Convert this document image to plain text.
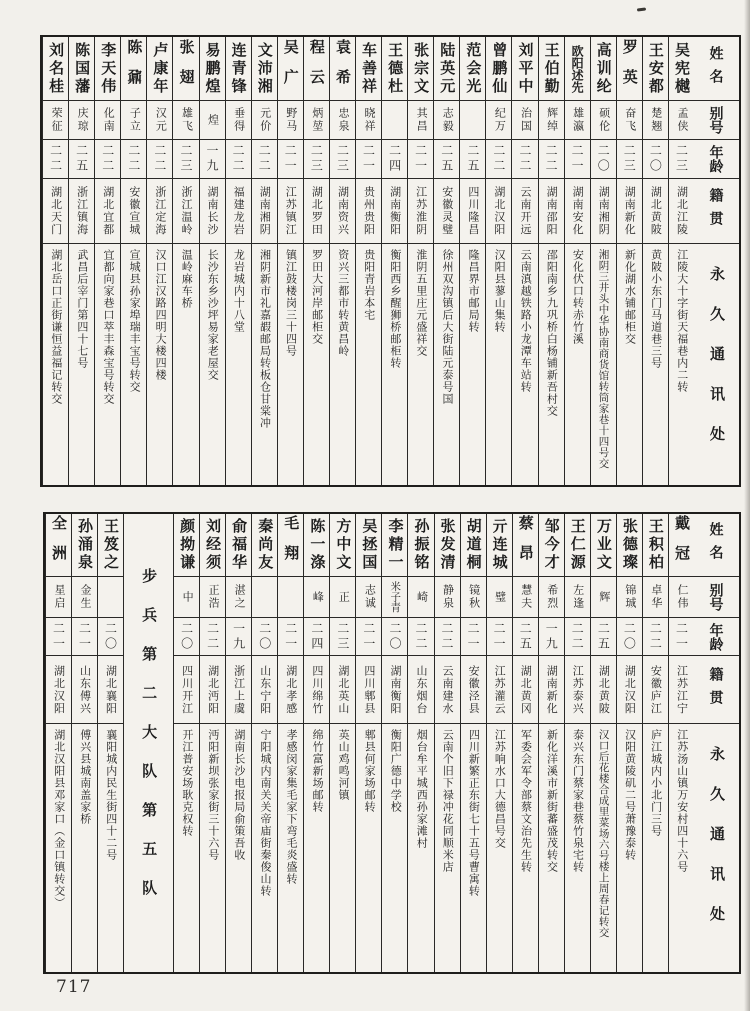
姓名
别号
年龄
籍贯
永久通讯处
吴宪樾
孟侠
二三
湖北江陵
江陵大十字街天福巷内二转
王安都
楚翘
二〇
湖北黄陂
黄陂小东门马道巷三号
罗英
奋飞
二三
湖南新化
新化湖水铺邮柜交
高训纶
硕伦
二〇
湖南湘阴
湘阴三井头中华协南商货馆转筒家巷十四号交
欧阳述先
雄瀛
二一
湖南安化
安化伏口转赤竹溪
王伯勤
辉绰
二二
湖南邵阳
邵阳南乡九巩桥白杨铺新吾村交
刘平中
治国
二二
云南开远
云南滇越铁路小龙潭车站转
曾鹏仙
纪万
二二
湖北汉阳
汉阳县蓼山集转
范会光
二五
四川隆昌
隆昌界市邮局转
陆英元
志毅
二五
安徽灵璧
徐州双沟镇后大街陆元泰号国
张宗文
其昌
二一
江苏淮阴
淮阴五里庄元盛祥交
王德杜
二四
湖南衡阳
衡阳西乡醒狮桥邮柜转
车善祥
晓祥
二一
贵州贵阳
贵阳青岩本宅
袁希
忠泉
二三
湖南资兴
资兴三都市转黄昌岭
程云
炳堃
二三
湖北罗田
罗田大河岸邮柜交
吴广
野马
二一
江苏镇江
镇江鼓楼岗三十四号
文沛湘
元价
二二
湖南湘阴
湘阴新市礼嘉嘏邮局转板仓甘棠冲
连青锋
垂得
二二
福建龙岩
龙岩城内十八堂
易鹏煌
煌
一九
湖南长沙
长沙东乡沙坪易家老屋交
张翅
雄飞
二三
浙江温岭
温岭麻车桥
卢康年
汉元
二二
浙江定海
汉口江汉路四明大楼四楼
陈鼐
子立
二二
安徽宣城
宣城县孙家埠瑞丰宝号转交
李天伟
化南
二二
湖北宜都
宜都向家巷口萃丰森宝号转交
陈国藩
庆琼
二五
浙江镇海
武昌后宰门第四十七号
刘名桂
荣征
二二
湖北天门
湖北岳口正街谦恒益福记转交
姓名
别号
年龄
籍贯
永久通讯处
戴冠
仁伟
二一
江苏江宁
江苏汤山镇万安村四十六号
王积柏
卓华
二二
安徽庐江
庐江城内小北门三号
张德璨
锦珹
二〇
湖北汉阳
汉阳黄陵矶二号萧豫泰转
万业文
辉
二五
湖北黄陂
汉口后花楼合成里菜场六号楼上周春记转交
王仁源
左逢
二二
江苏泰兴
泰兴东门蔡家巷蔡竹泉宅转
邹今才
希烈
一九
湖南新化
新化洋溪市新街蕃盛茂转交
蔡昂
慧夫
二五
湖北黄冈
军委会军令部蔡文治先生转
亓连城
璧
二一
江苏灌云
江苏响水口大德昌号交
胡道桐
镜秋
二一
安徽泾县
四川新繁正东街七十五号曹寓转
张发清
静泉
二二
云南建水
云南个旧下禄冲花同顺米店
孙振铭
崎
二二
山东烟台
烟台牟平城西孙家滩村
李精一
米子青
二〇
湖南衡阳
衡阳广德中学校
吴拯国
志诚
二一
四川郫县
郫县何家场邮转
方中文
正
二三
湖北英山
英山鸡鸣河镇
陈一涤
峰
二四
四川绵竹
绵竹富新场邮转
毛翔
二一
湖北孝感
孝感闵家集毛家下弯毛炎盛转
秦尚友
二〇
山东宁阳
宁阳城内南关关帝庙街秦俊山转
俞福华
湛之
一九
浙江上虞
湖南长沙电报局俞策吾收
刘经须
正浩
二二
湖北沔阳
沔阳新坝张家街三十六号
颜拗谦
中
二〇
四川开江
开江普安场耿克权转
步兵第二大队第五队
王笈之
二〇
湖北襄阳
襄阳城内民生街四十二号
孙涌泉
金生
二一
山东傅兴
傅兴县城南盖家桥
全洲
星启
二一
湖北汉阳
湖北汉阳县邓家口（金口镇转交）
717
